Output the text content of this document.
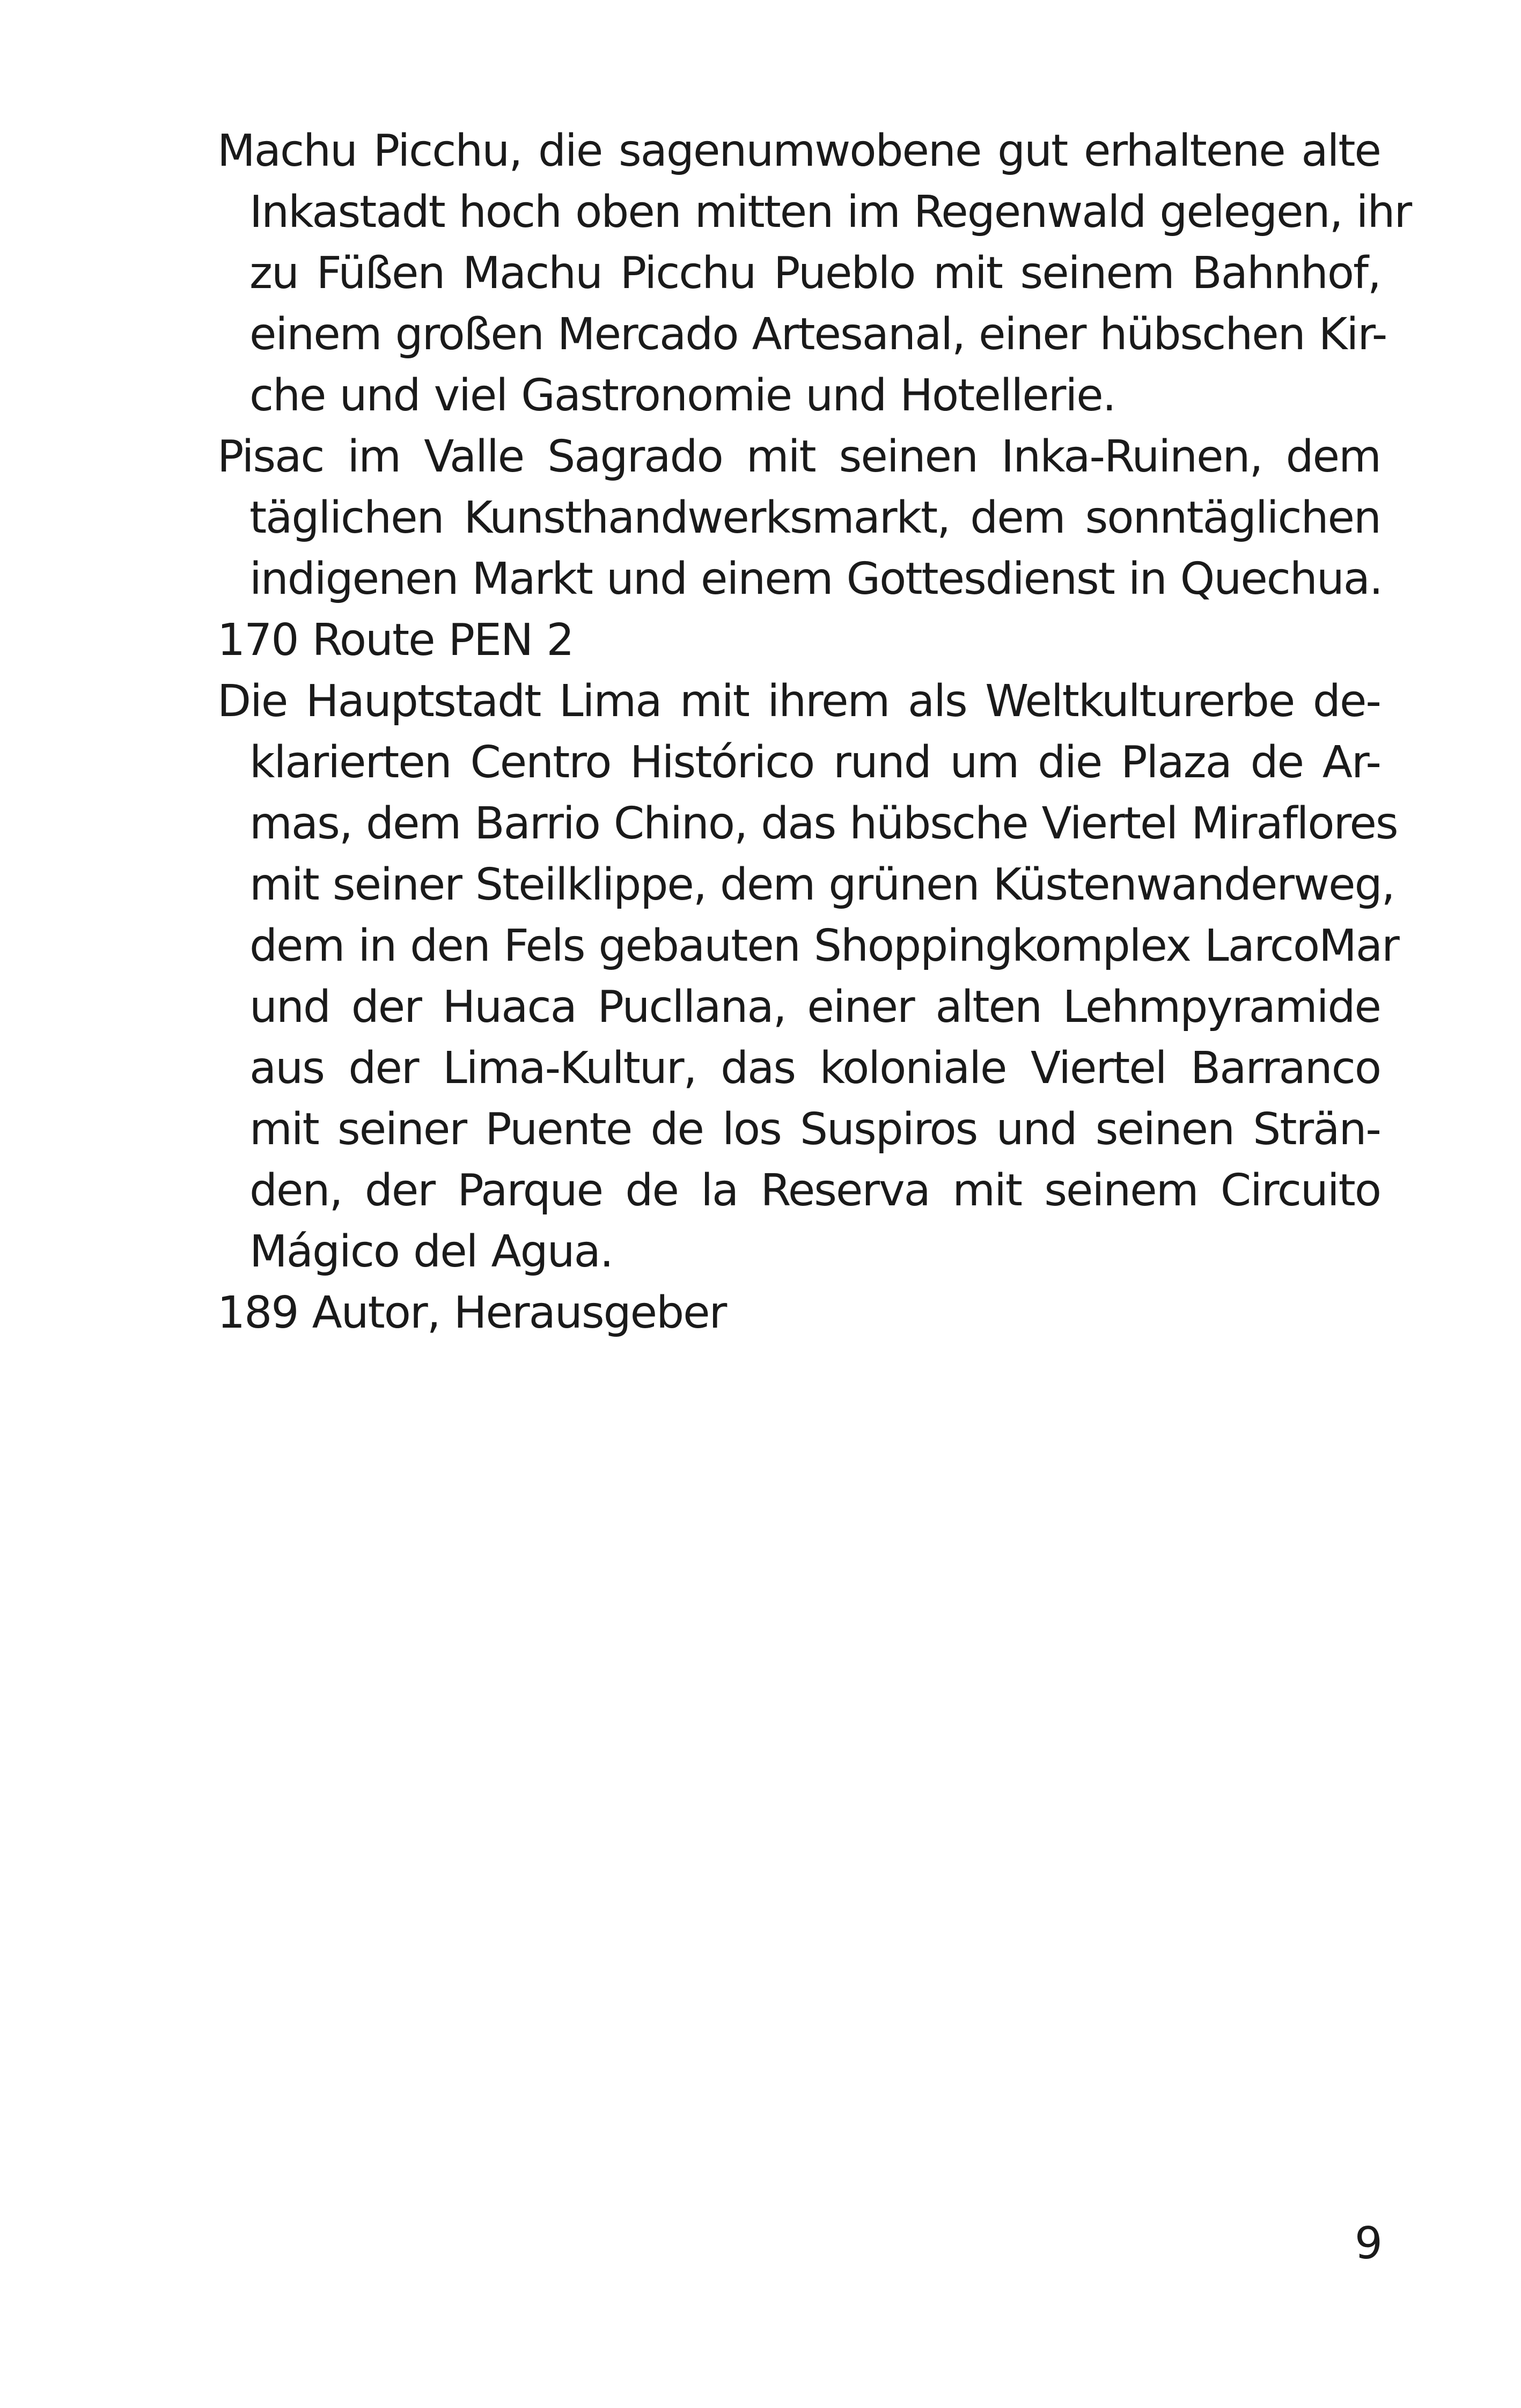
Machu Picchu, die sagenumwobene gut erhaltene alte
Inkastadt hoch oben mitten im Regenwald gelegen, ihr
zu Füßen Machu Picchu Pueblo mit seinem Bahnhof,
einem großen Mercado Artesanal, einer hübschen Kir-
che und viel Gastronomie und Hotellerie.

Pisac im Valle Sagrado mit seinen Inka-Ruinen, dem
täglichen Kunsthandwerksmarkt, dem sonntäglichen
indigenen Markt und einem Gottesdienst in Quechua.

170 Route PEN 2

Die Hauptstadt Lima mit ihrem als Weltkulturerbe de-
klarierten Centro Histórico rund um die Plaza de Ar-
mas, dem Barrio Chino, das hübsche Viertel Miraflores
mit seiner Steilklippe, dem grünen Küstenwanderweg,
dem in den Fels gebauten Shoppingkomplex LarcoMar
und der Huaca Pucllana, einer alten Lehmpyramide
aus der Lima-Kultur, das koloniale Viertel Barranco
mit seiner Puente de los Suspiros und seinen Strän-
den, der Parque de la Reserva mit seinem Circuito
Mágico del Agua.

189 Autor, Herausgeber

9
